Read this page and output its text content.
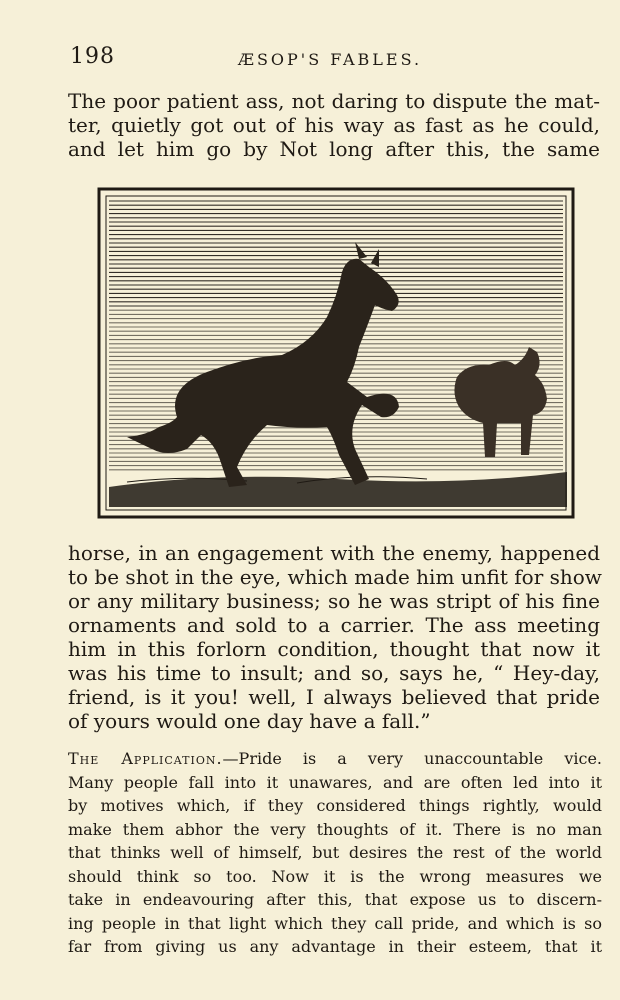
198	ÆSOP'S FABLES.
The poor patient ass, not daring to dispute the mat-
ter, quietly got out of his way as fast as he could,
and let him go by Not long after this, the same
horse, in an engagement with the enemy, happened
to be shot in the eye, which made him unfit for show
or any military business; so he was stript of his fine
ornaments and sold to a carrier. The ass meeting
him in this forlorn condition, thought that now it
was his time to insult; and so, says he, “ Hey-day,
friend, is it you! well, I always believed that pride
of yours would one day have a fall.”
The Application.—Pride is a very unaccountable vice.
Many people fall into it unawares, and are often led into it
by motives which, if they considered things rightly, would
make them abhor the very thoughts of it. There is no man
that thinks well of himself, but desires the rest of the world
should think so too. Now it is the wrong measures we
take in endeavouring after this, that expose us to discern-
ing people in that light which they call pride, and which is so
far from giving us any advantage in their esteem, that it
